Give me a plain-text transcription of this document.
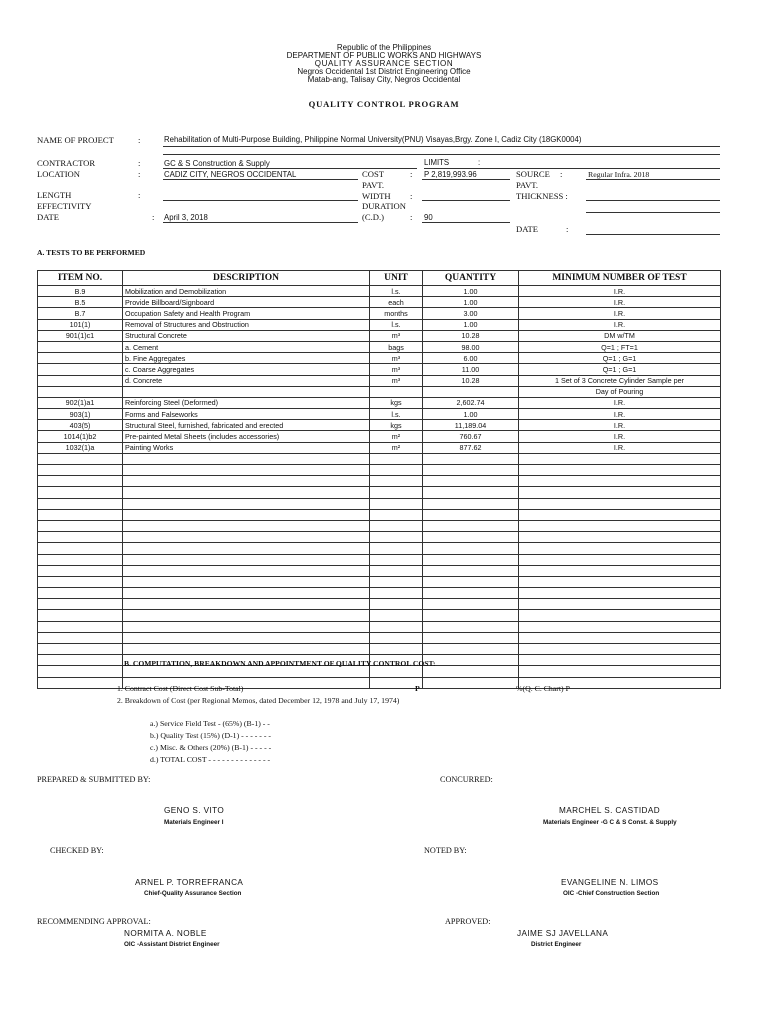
Republic of the Philippines
DEPARTMENT OF PUBLIC WORKS AND HIGHWAYS
QUALITY ASSURANCE SECTION
Negros Occidental 1st District Engineering Office
Matab-ang, Talisay City, Negros Occidental
QUALITY CONTROL PROGRAM
NAME OF PROJECT	:	Rehabilitation of Multi-Purpose Building, Philippine Normal University(PNU) Visayas,Brgy. Zone I, Cadiz City (18GK0004)
CONTRACTOR	:	GC & S Construction & Supply	LIMITS	:
LOCATION	:	CADIZ CITY, NEGROS OCCIDENTAL	COST	: P 2,819,993.96	SOURCE :	Regular Infra. 2018
PAVT.	PAVT.
LENGTH	:	WIDTH :	THICKNESS :
EFFECTIVITY	DURATION
DATE	: April 3, 2018	(C.D.)	: 90
DATE	:
A. TESTS TO BE PERFORMED
ITEM NO.	DESCRIPTION	UNIT	QUANTITY	MINIMUM NUMBER OF TEST
B.9	Mobilization and Demobilization	l.s.	1.00	I.R.
B.5	Provide Billboard/Signboard	each	1.00	I.R.
B.7	Occupation Safety and Health Program	months	3.00	I.R.
101(1)	Removal of Structures and Obstruction	l.s.	1.00	I.R.
901(1)c1	Structural Concrete	m³	10.28	DM w/TM
	a. Cement	bags	98.00	Q=1 ; FT=1
	b. Fine Aggregates	m³	6.00	Q=1 ; G=1
	c. Coarse Aggregates	m³	11.00	Q=1 ; G=1
	d. Concrete	m³	10.28	1 Set of 3 Concrete Cylinder Sample per
				Day of Pouring
902(1)a1	Reinforcing Steel (Deformed)	kgs	2,602.74	I.R.
903(1)	Forms and Falseworks	l.s.	1.00	I.R.
403(5)	Structural Steel, furnished, fabricated and erected	kgs	11,189.04	I.R.
1014(1)b2	Pre-painted Metal Sheets (includes accessories)	m²	760.67	I.R.
1032(1)a	Painting Works	m²	877.62	I.R.

B. COMPUTATION, BREAKDOWN AND APPOINTMENT OF QUALITY CONTROL COST:
1. Contract Cost (Direct Cost Sub-Total)	P	%(Q. C. Chart) P
2. Breakdown of Cost (per Regional Memos, dated December 12, 1978 and July 17, 1974)
a.) Service Field Test - (65%) (B-1) - -
b.) Quality Test (15%) (D-1) - - - - - - -
c.) Misc. & Others (20%) (B-1) - - - - -
d.) TOTAL COST - - - - - - - - - - - - - -
PREPARED & SUBMITTED BY:	CONCURRED:
GENO S. VITO
Materials Engineer I
MARCHEL S. CASTIDAD
Materials Engineer -G C & S Const. & Supply
CHECKED BY:	NOTED BY:
ARNEL P. TORREFRANCA
Chief-Quality Assurance Section
EVANGELINE N. LIMOS
OIC -Chief Construction Section
RECOMMENDING APPROVAL:	APPROVED:
NORMITA A. NOBLE
OIC -Assistant District Engineer
JAIME SJ JAVELLANA
District Engineer
